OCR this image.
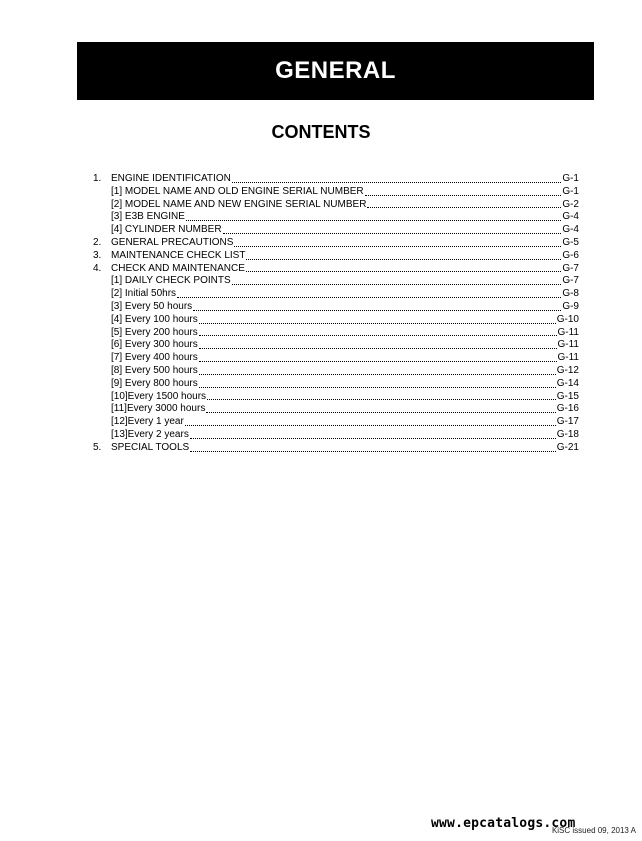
GENERAL
CONTENTS
1. ENGINE IDENTIFICATION	G-1
[1] MODEL NAME AND OLD ENGINE SERIAL NUMBER	G-1
[2] MODEL NAME AND NEW ENGINE SERIAL NUMBER	G-2
[3] E3B ENGINE	G-4
[4] CYLINDER NUMBER	G-4
2. GENERAL PRECAUTIONS	G-5
3. MAINTENANCE CHECK LIST	G-6
4. CHECK AND MAINTENANCE	G-7
[1] DAILY CHECK POINTS	G-7
[2] Initial 50hrs	G-8
[3] Every 50 hours	G-9
[4] Every 100 hours	G-10
[5] Every 200 hours	G-11
[6] Every 300 hours	G-11
[7] Every 400 hours	G-11
[8] Every 500 hours	G-12
[9] Every 800 hours	G-14
[10]Every 1500 hours	G-15
[11]Every 3000 hours	G-16
[12]Every 1 year	G-17
[13]Every 2 years	G-18
5. SPECIAL TOOLS	G-21
KiSC issued 09, 2013 A
www.epcatalogs.com
